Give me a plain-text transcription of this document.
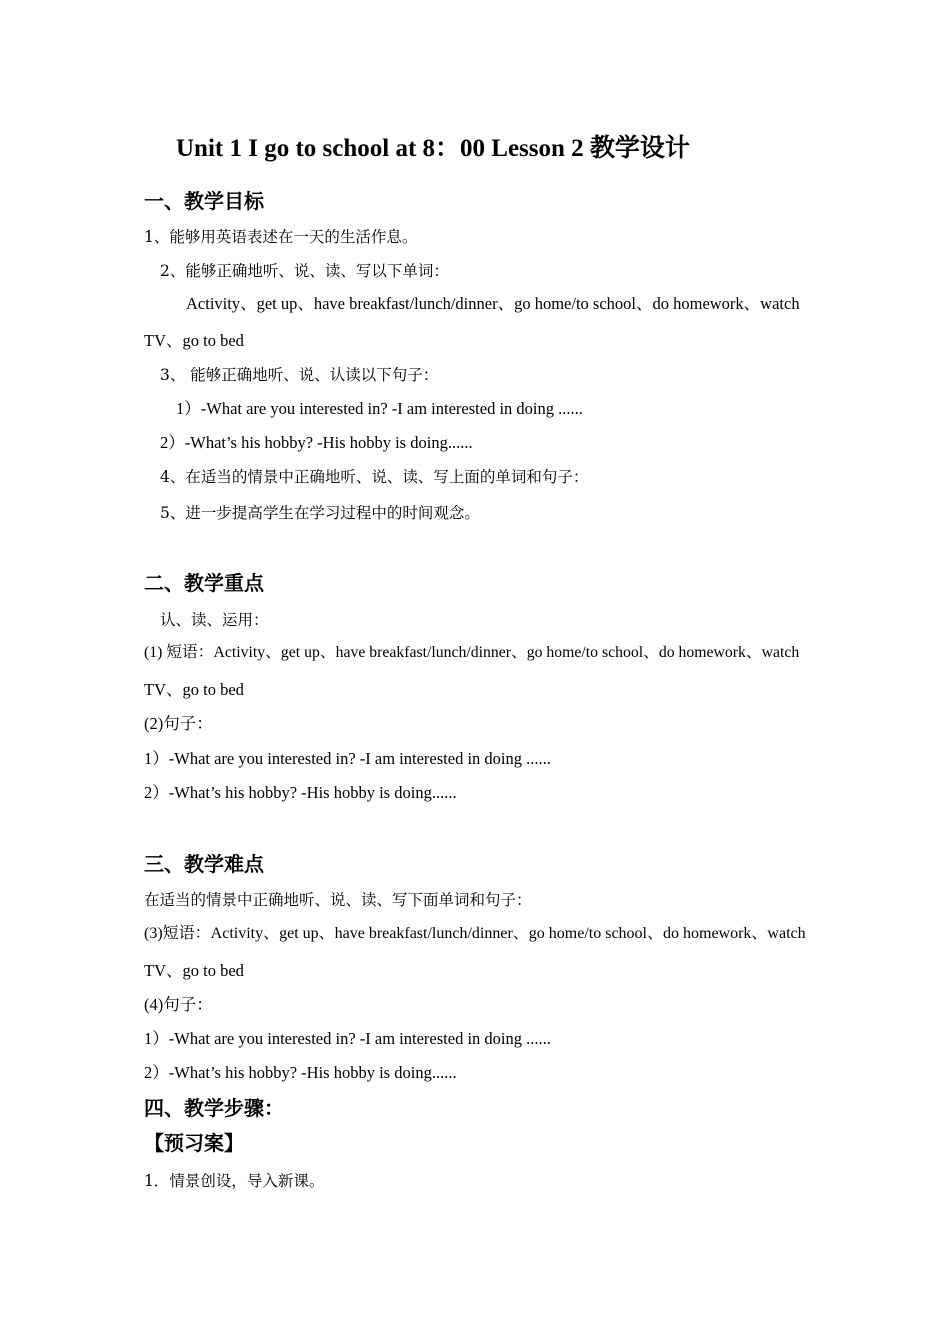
Unit 1 I go to school at 8：00 Lesson 2 教学设计
一、教学目标
1、能够用英语表述在一天的生活作息。
2、能够正确地听、说、读、写以下单词：
Activity、get up、have breakfast/lunch/dinner、go home/to school、do homework、watch
TV、go to bed
3、 能够正确地听、说、认读以下句子：
1）-What are you interested in? -I am interested in doing ......
2）-What’s his hobby? -His hobby is doing......
4、在适当的情景中正确地听、说、读、写上面的单词和句子：
5、进一步提高学生在学习过程中的时间观念。
二、教学重点
认、读、运用：
(1) 短语：Activity、get up、have breakfast/lunch/dinner、go home/to school、do homework、watch
TV、go to bed
(2)句子：
1）-What are you interested in? -I am interested in doing ......
2）-What’s his hobby? -His hobby is doing......
三、教学难点
在适当的情景中正确地听、说、读、写下面单词和句子：
(3)短语：Activity、get up、have breakfast/lunch/dinner、go home/to school、do homework、watch
TV、go to bed
(4)句子：
1）-What are you interested in? -I am interested in doing ......
2）-What’s his hobby? -His hobby is doing......
四、教学步骤：
【预习案】
1．情景创设，导入新课。
